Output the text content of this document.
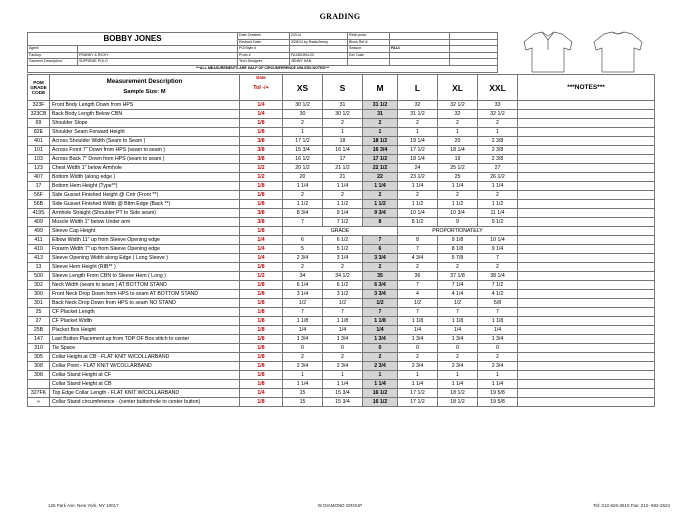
GRADING
BOBBY JONES		Date Created:	2/2/14	Ref# proto:		
		Revised Date:	3/28/13 by Rada/Jenny	Block Ref #:		
Agent:		PO/Style #		Season:	FA14	
Factory:	FRANKY & RICKY	Proto #	FA14BJKN-03	Del. Date		
Garment Description:	SUPREME POLO	Tech Designer:	JENNY HAN			
***ALL MEASUREMENTS ARE HALF OF CIRCUMFERENCE UNLESS NOTED***						
POM GRADE CODE	Measurement Description
Sample Size: M	Date
Tol -/+	XS	S	M	L	XL	XXL	***NOTES***
323F	Front Body Length Down from HPS	1/4	30 1/2	31	31 1/2	32	32 1/2	33	
323CB	Back Body Length Below CBN	1/4	30	30 1/2	31	31 1/2	32	32 1/2	
69	Shoulder Slope	1/8	2	2	2	2	2	2	
82E	Shoulder Seam Forward Height	1/8	1	1	1	1	1	1	
401	Across Shoulder Width (Seam to Seam )	3/8	17 1/2	18	18 1/2	19 1/4	20	2 3/8	
101	Across Front 7" Down from HPS (seam to seam )	3/8	15 3/4	16 1/4	16 3/4	17 1/2	18 1/4	2 3/8	
103	Across Back 7" Down from HPS (seam to seam )	3/8	16 1/2	17	17 1/2	18 1/4	19	2 3/8	
123	Chest Width 1" below Armhole	1/2	20 1/2	21 1/2	22 1/2	24	25 1/2	27	
407	Bottom Width (along edge )	1/2	20	21	22	23 1/2	25	26 1/2	
17	Bottom Hem Height (Type**)	1/8	1 1/4	1 1/4	1 1/4	1 1/4	1 1/4	1 1/4	
56F	Side Gusset Finished Height @ Cntr (Front **)	1/8	2	2	2	2	2	2	
56B	Side Gusset Finished Width @ Bttm Edge (Back **)	1/8	1 1/2	1 1/2	1 1/2	1 1/2	1 1/2	1 1/2	
419S	Armhole Straight (Shoulder PT to Side seam)	3/8	8 3/4	9 1/4	9 3/4	10 1/4	10 3/4	11 1/4	
409	Muscle Width 1" below Under arm	3/8	7	7 1/2	8	8 1/2	9	9 1/2	
499	Sleeve Cap Height	1/8	GRADE			PROPORTIONATELY			
411	Elbow Width 11" up from Sleeve Opening edge	1/4	6	6 1/2	7	8	9 1/8	10 1/4	
410	Forarm Width 7" up from Sleeve Opening edge	1/4	5	5 1/2	6	7	8 1/8	9 1/4	
413	Sleeve Opening Width along Edge ( Long Sleeve )	1/4	2 3/4	3 1/4	3 3/4	4 3/4	5 7/8	7	
13	Sleeve Hem Height (RIB** )	1/8	2	2	2	2	2	2	
500	Sleeve Length From CBN to Sleeve Hem ( Long )	1/2	34	34 1/2	35	36	37 1/8	38 1/4	
302	Neck Width (seam to seam ) AT BOTTOM STAND	1/8	6 1/4	6 1/2	6 3/4	7	7 1/4	7 1/2	
300	Front Neck Drop Down from HPS to seam AT BOTTOM STAND	1/8	3 1/4	3 1/2	3 3/4	4	4 1/4	4 1/2	
301	Back Neck Drop Down from HPS to seam NO STAND	1/8	1/2	1/2	1/2	1/2	1/2	5/8	
25	CF Placket Length	1/8	7	7	7	7	7	7	
27	CF Placket Width	1/8	1 1/8	1 1/8	1 1/8	1 1/8	1 1/8	1 1/8	
25B	Placket Box Height	1/8	1/4	1/4	1/4	1/4	1/4	1/4	
147	Last Button Placement up from TOP OF Box stitch to center	1/8	1 3/4	1 3/4	1 3/4	1 3/4	1 3/4	1 3/4	
310	Tie Space	1/8	0	0	0	0	0	0	
305	Collar Height at CB - FLAT KNIT W/COLLARBAND	1/8	2	2	2	2	2	2	
308	Collar Point - FLAT KNIT W/COLLARBAND	1/8	2 3/4	2 3/4	2 3/4	2 3/4	2 3/4	2 3/4	
308	Collar Stand Height at CF	1/8	1	1	1	1	1	1	
	Collar Stand Height at CB	1/8	1 1/4	1 1/4	1 1/4	1 1/4	1 1/4	1 1/4	
327FK	Top Edge Collar Length - FLAT KNIT W/COLLARBAND	1/4	15	15 3/4	16 1/2	17 1/2	18 1/2	19 5/8	
»	Collar Stand circumference - (center buttonhole to center button)	1/8	15	15 3/4	16 1/2	17 1/2	18 1/2	19 5/8	
125 Park Ave. New York, NY 10017	W DIAMOND GROUP	Tel: 212-826-3510 Fax: 212- 682-2524
